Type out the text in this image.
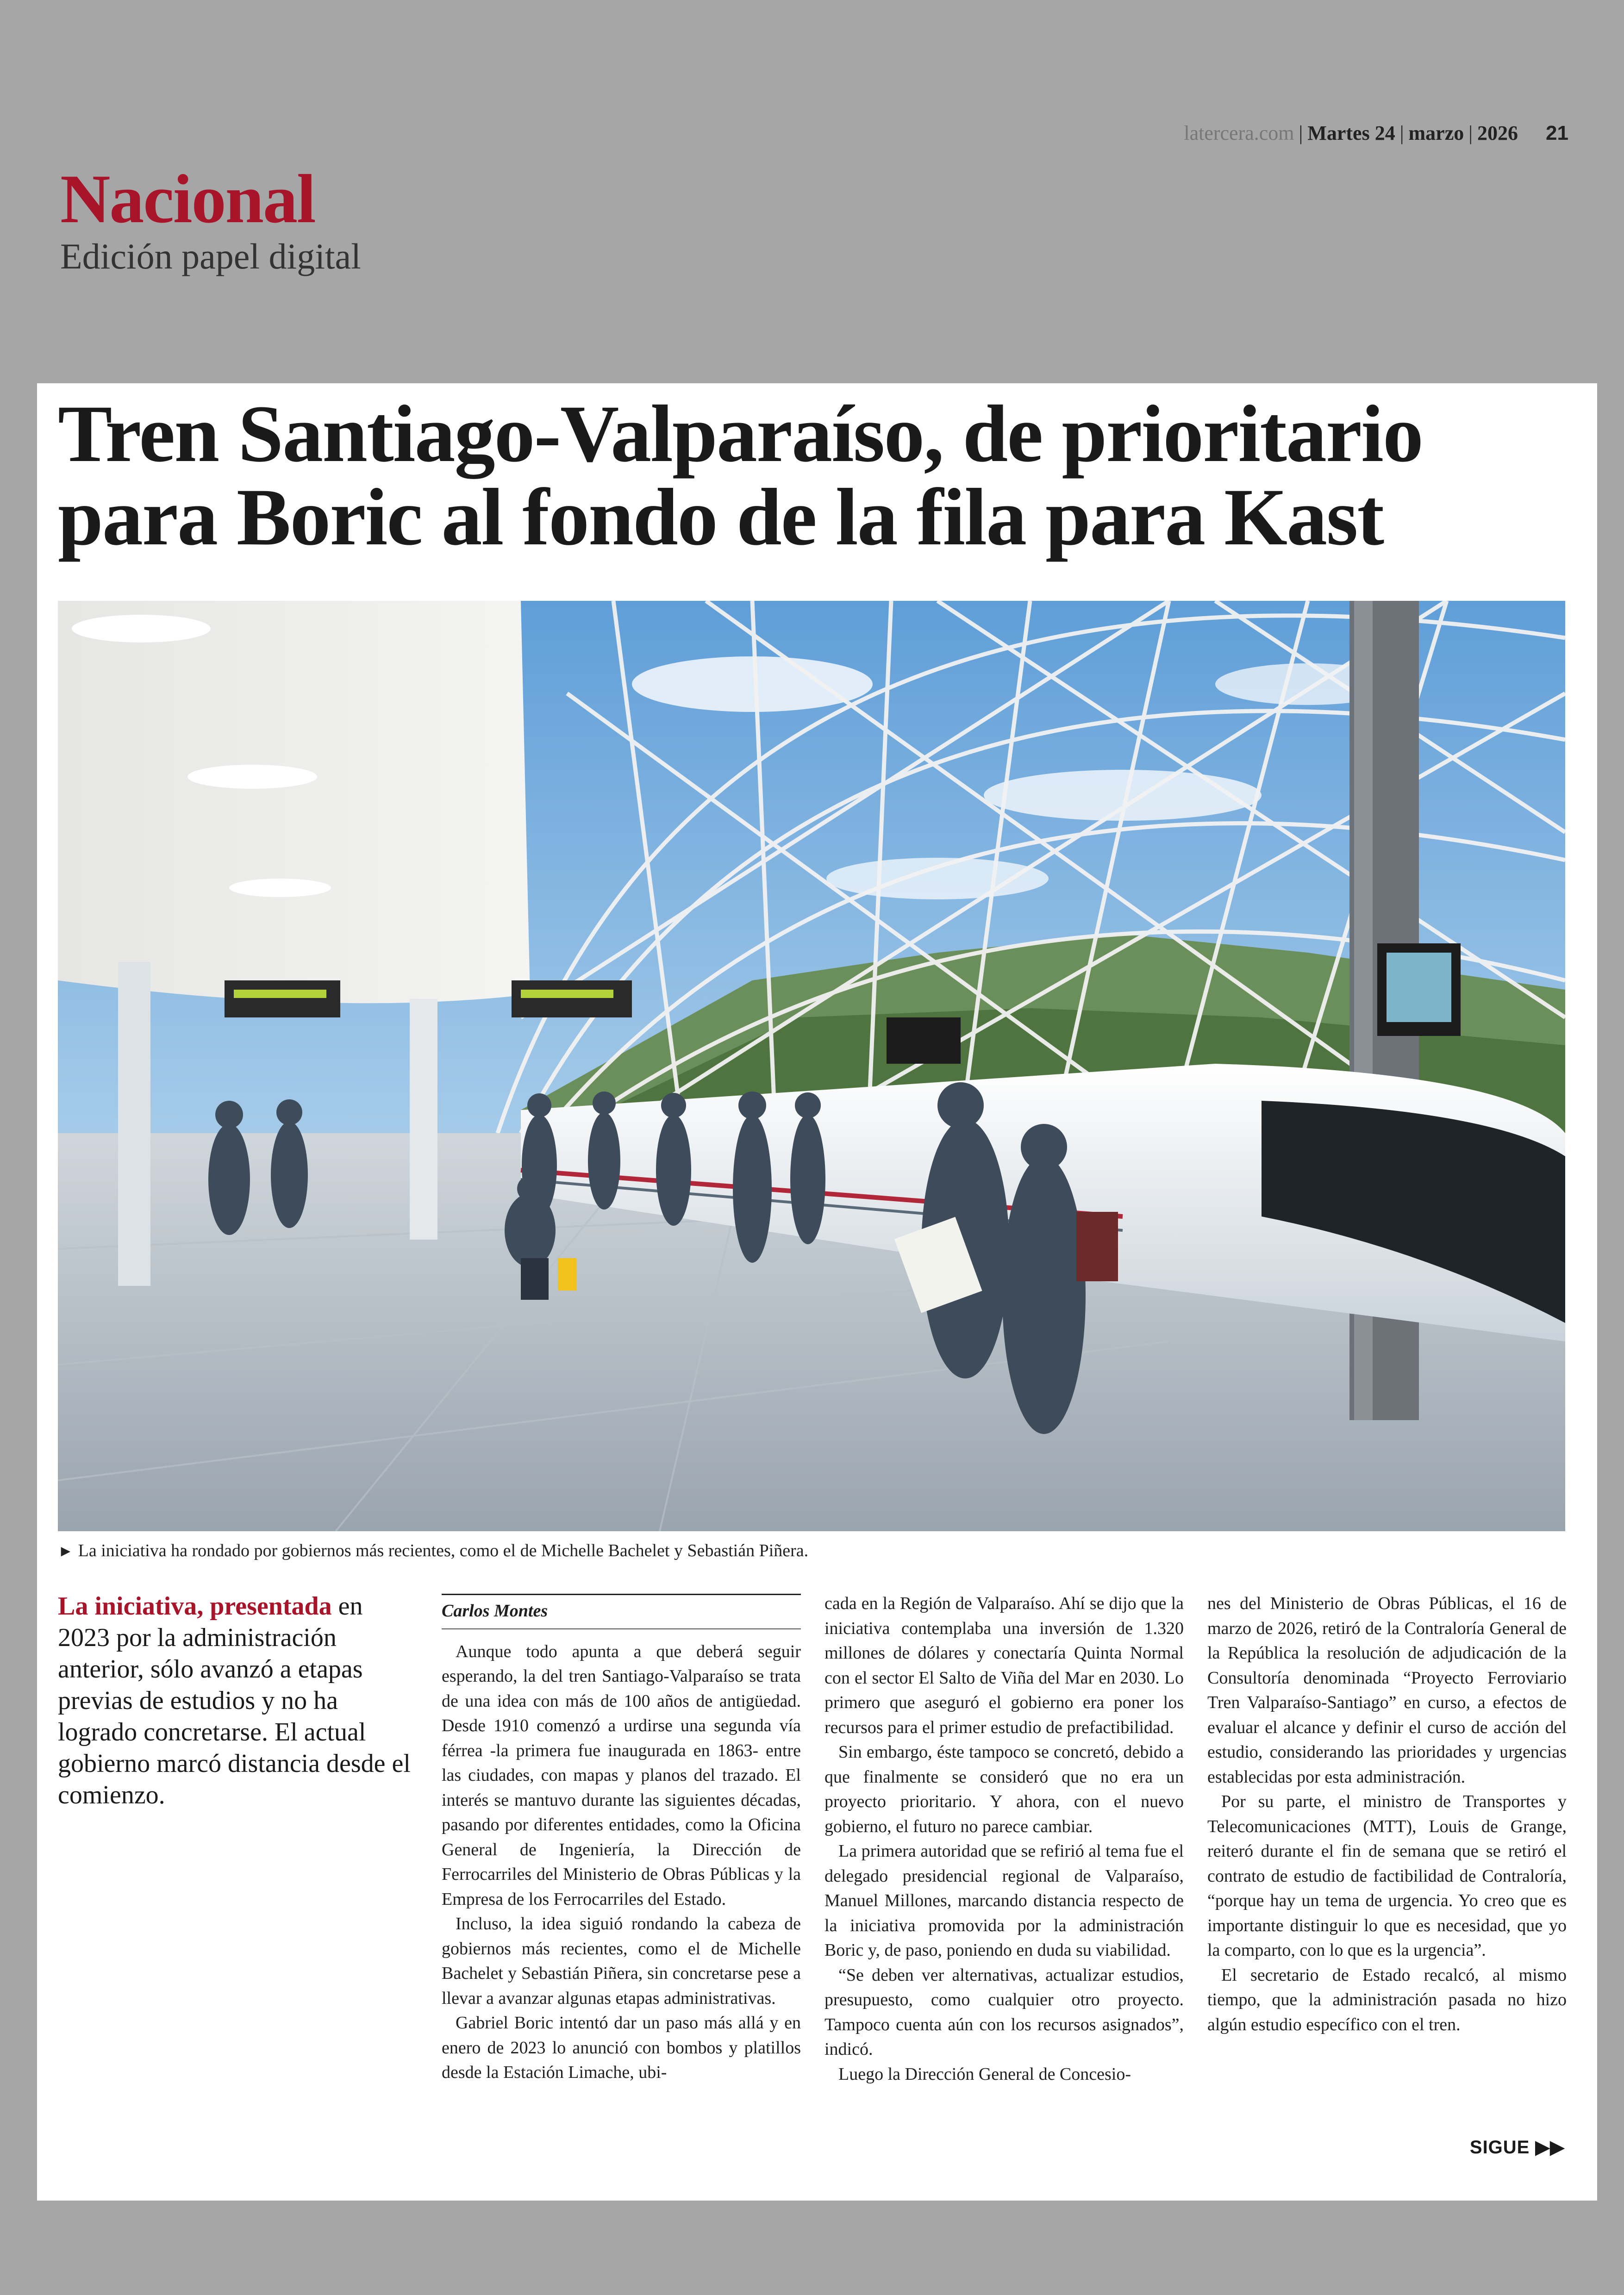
latercera.com | Martes 24 | marzo | 2026 21
Nacional
Edición papel digital
Tren Santiago-Valparaíso, de prioritario para Boric al fondo de la fila para Kast
► La iniciativa ha rondado por gobiernos más recientes, como el de Michelle Bachelet y Sebastián Piñera.
La iniciativa, presentada en 2023 por la administración anterior, sólo avanzó a etapas previas de estudios y no ha logrado concretarse. El actual gobierno marcó distancia desde el comienzo.
Carlos Montes

Aunque todo apunta a que deberá seguir esperando, la del tren Santiago-Valparaíso se trata de una idea con más de 100 años de antigüedad. Desde 1910 comenzó a urdirse una segunda vía férrea -la primera fue inaugurada en 1863- entre las ciudades, con mapas y planos del trazado. El interés se mantuvo durante las siguientes décadas, pasando por diferentes entidades, como la Oficina General de Ingeniería, la Dirección de Ferrocarriles del Ministerio de Obras Públicas y la Empresa de los Ferrocarriles del Estado.

Incluso, la idea siguió rondando la cabeza de gobiernos más recientes, como el de Michelle Bachelet y Sebastián Piñera, sin concretarse pese a llevar a avanzar algunas etapas administrativas.

Gabriel Boric intentó dar un paso más allá y en enero de 2023 lo anunció con bombos y platillos desde la Estación Limache, ubi-

cada en la Región de Valparaíso. Ahí se dijo que la iniciativa contemplaba una inversión de 1.320 millones de dólares y conectaría Quinta Normal con el sector El Salto de Viña del Mar en 2030. Lo primero que aseguró el gobierno era poner los recursos para el primer estudio de prefactibilidad.

Sin embargo, éste tampoco se concretó, debido a que finalmente se consideró que no era un proyecto prioritario. Y ahora, con el nuevo gobierno, el futuro no parece cambiar.

La primera autoridad que se refirió al tema fue el delegado presidencial regional de Valparaíso, Manuel Millones, marcando distancia respecto de la iniciativa promovida por la administración Boric y, de paso, poniendo en duda su viabilidad.

“Se deben ver alternativas, actualizar estudios, presupuesto, como cualquier otro proyecto. Tampoco cuenta aún con los recursos asignados”, indicó.

Luego la Dirección General de Concesio-

nes del Ministerio de Obras Públicas, el 16 de marzo de 2026, retiró de la Contraloría General de la República la resolución de adjudicación de la Consultoría denominada “Proyecto Ferroviario Tren Valparaíso-Santiago” en curso, a efectos de evaluar el alcance y definir el curso de acción del estudio, considerando las prioridades y urgencias establecidas por esta administración.

Por su parte, el ministro de Transportes y Telecomunicaciones (MTT), Louis de Grange, reiteró durante el fin de semana que se retiró el contrato de estudio de factibilidad de Contraloría, “porque hay un tema de urgencia. Yo creo que es importante distinguir lo que es necesidad, que yo la comparto, con lo que es la urgencia”.

El secretario de Estado recalcó, al mismo tiempo, que la administración pasada no hizo algún estudio específico con el tren.

SIGUE ▶▶
